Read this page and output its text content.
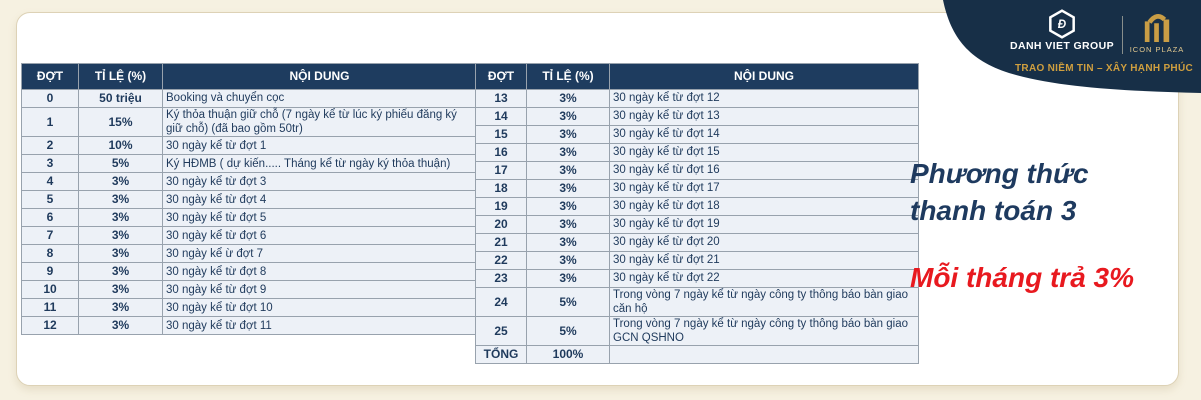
ĐỢT	TỈ LỆ (%)	NỘI DUNG
0	50 triệu	Booking và chuyển cọc
1	15%	Ký thỏa thuận giữ chỗ (7 ngày kể từ lúc ký phiếu đăng ký giữ chỗ) (đã bao gồm 50tr)
2	10%	30 ngày kể từ đợt 1
3	5%	Ký HĐMB ( dự kiến..... Tháng kể từ ngày ký thỏa thuận)
4	3%	30 ngày kể từ đợt 3
5	3%	30 ngày kể từ đợt 4
6	3%	30 ngày kể từ đợt 5
7	3%	30 ngày kể từ đợt 6
8	3%	30 ngày kể ừ đợt 7
9	3%	30 ngày kể từ đợt 8
10	3%	30 ngày kể từ đợt 9
11	3%	30 ngày kể từ đợt 10
12	3%	30 ngày kể từ đợt 11
ĐỢT	TỈ LỆ (%)	NỘI DUNG
13	3%	30 ngày kể từ đợt 12
14	3%	30 ngày kể từ đợt 13
15	3%	30 ngày kể từ đợt 14
16	3%	30 ngày kể từ đợt 15
17	3%	30 ngày kể từ đợt 16
18	3%	30 ngày kể từ đợt 17
19	3%	30 ngày kể từ đợt 18
20	3%	30 ngày kể từ đợt 19
21	3%	30 ngày kể từ đợt 20
22	3%	30 ngày kể từ đợt 21
23	3%	30 ngày kể từ đợt 22
24	5%	Trong vòng 7 ngày kể từ ngày công ty thông báo bàn giao căn hộ
25	5%	Trong vòng 7 ngày kể từ ngày công ty thông báo bàn giao GCN QSHNO
TỔNG	100%	
Đ
DANH VIET GROUP	ICON PLAZA
TRAO NIỀM TIN – XÂY HẠNH PHÚC
Phương thức
thanh toán 3
Mỗi tháng trả 3%
